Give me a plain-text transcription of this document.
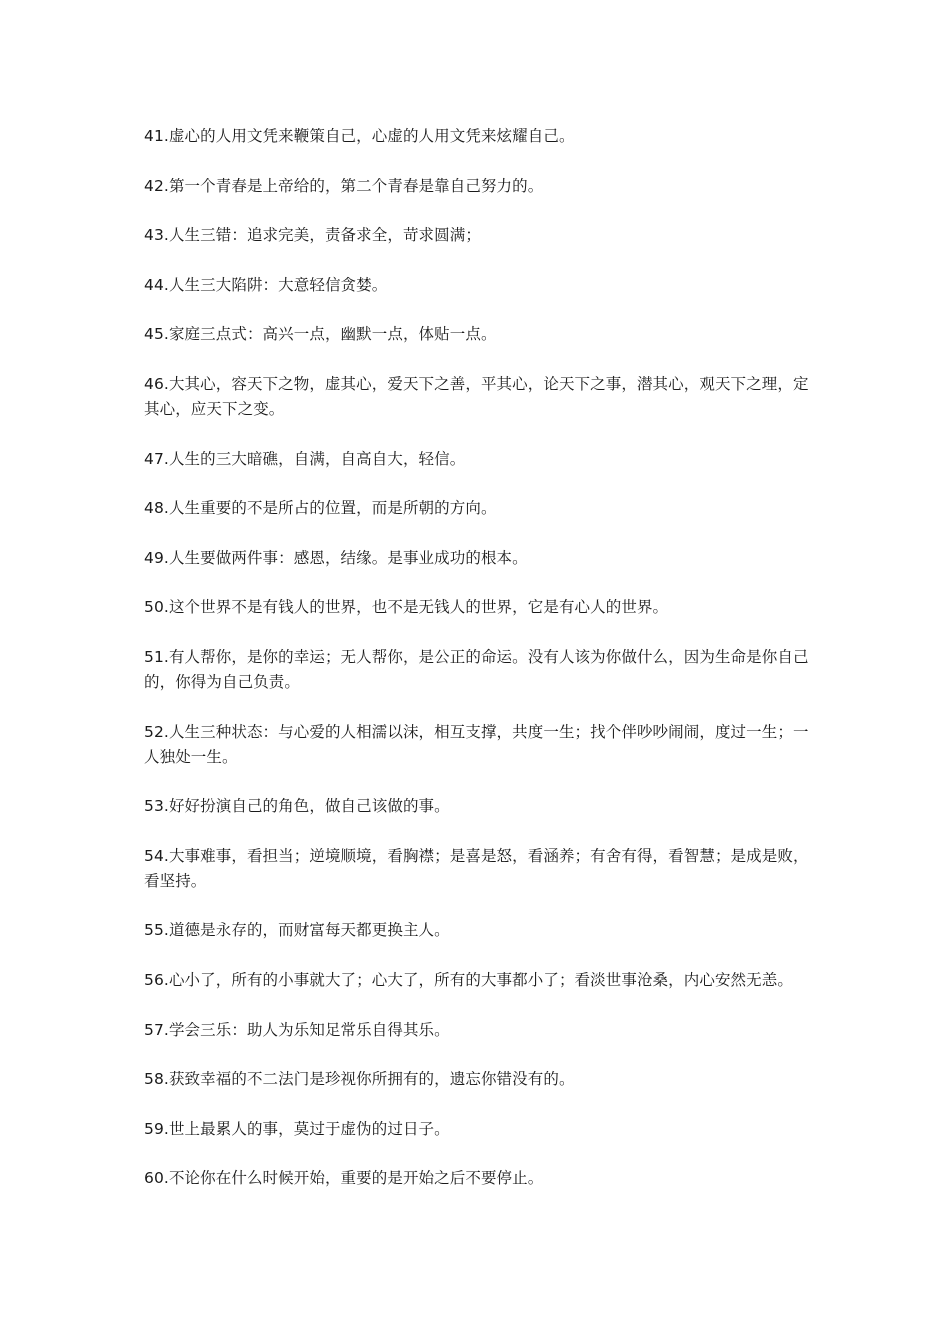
41.虚心的人用文凭来鞭策自己，心虚的人用文凭来炫耀自己。

42.第一个青春是上帝给的，第二个青春是靠自己努力的。

43.人生三错：追求完美，责备求全，苛求圆满；

44.人生三大陷阱：大意轻信贪婪。

45.家庭三点式：高兴一点，幽默一点，体贴一点。

46.大其心，容天下之物，虚其心，爱天下之善，平其心，论天下之事，潜其心，观天下之理，定其心，应天下之变。

47.人生的三大暗礁，自满，自高自大，轻信。

48.人生重要的不是所占的位置，而是所朝的方向。

49.人生要做两件事：感恩，结缘。是事业成功的根本。

50.这个世界不是有钱人的世界，也不是无钱人的世界，它是有心人的世界。

51.有人帮你，是你的幸运；无人帮你，是公正的命运。没有人该为你做什么，因为生命是你自己的，你得为自己负责。

52.人生三种状态：与心爱的人相濡以沫，相互支撑，共度一生；找个伴吵吵闹闹，度过一生；一人独处一生。

53.好好扮演自己的角色，做自己该做的事。

54.大事难事，看担当；逆境顺境，看胸襟；是喜是怒，看涵养；有舍有得，看智慧；是成是败，看坚持。

55.道德是永存的，而财富每天都更换主人。

56.心小了，所有的小事就大了；心大了，所有的大事都小了；看淡世事沧桑，内心安然无恙。

57.学会三乐：助人为乐知足常乐自得其乐。

58.获致幸福的不二法门是珍视你所拥有的，遗忘你错没有的。

59.世上最累人的事，莫过于虚伪的过日子。

60.不论你在什么时候开始，重要的是开始之后不要停止。
